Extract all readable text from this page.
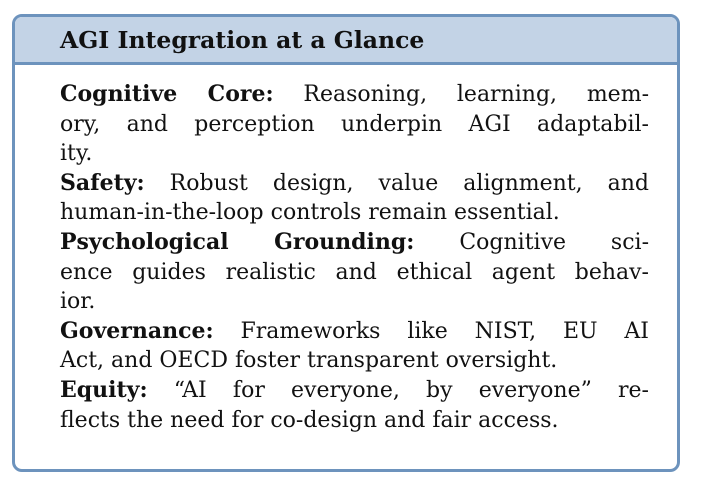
AGI Integration at a Glance
Cognitive Core: Reasoning, learning, mem-
ory, and perception underpin AGI adaptabil-
ity.
Safety: Robust design, value alignment, and
human-in-the-loop controls remain essential.
Psychological Grounding: Cognitive sci-
ence guides realistic and ethical agent behav-
ior.
Governance: Frameworks like NIST, EU AI
Act, and OECD foster transparent oversight.
Equity: “AI for everyone, by everyone” re-
flects the need for co-design and fair access.
